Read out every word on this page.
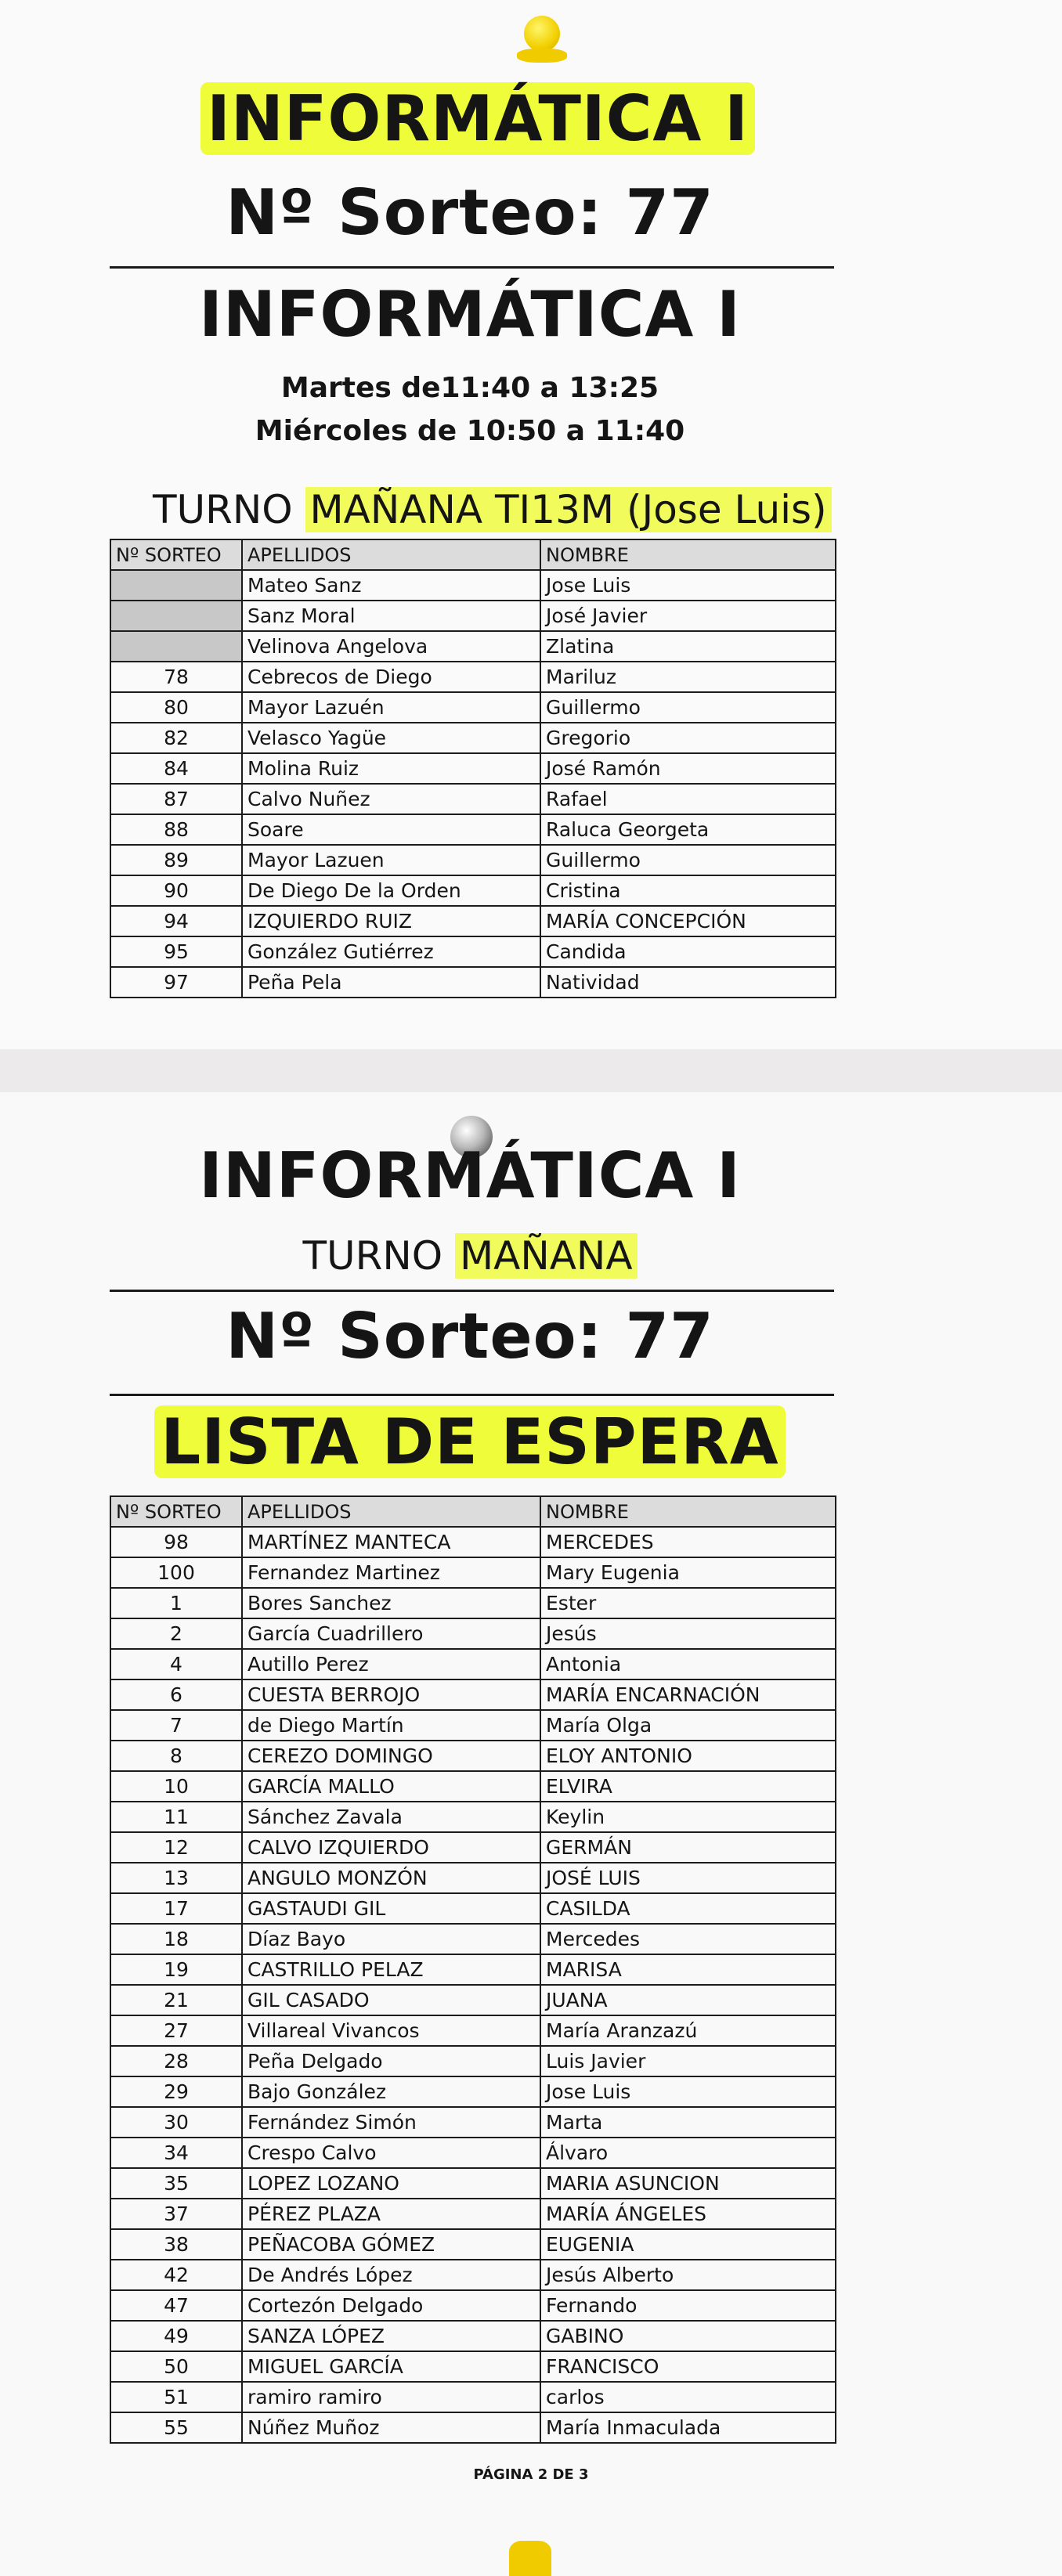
INFORMÁTICA I
Nº Sorteo: 77
INFORMÁTICA I
Martes de11:40 a 13:25
Miércoles de 10:50 a 11:40
TURNO MAÑANA TI13M (Jose Luis)
Nº SORTEO	APELLIDOS	NOMBRE
	Mateo Sanz	Jose Luis
	Sanz Moral	José Javier
	Velinova Angelova	Zlatina
78	Cebrecos de Diego	Mariluz
80	Mayor Lazuén	Guillermo
82	Velasco Yagüe	Gregorio
84	Molina Ruiz	José Ramón
87	Calvo Nuñez	Rafael
88	Soare	Raluca Georgeta
89	Mayor Lazuen	Guillermo
90	De Diego De la Orden	Cristina
94	IZQUIERDO RUIZ	MARÍA CONCEPCIÓN
95	González Gutiérrez	Candida
97	Peña Pela	Natividad
INFORMÁTICA I
TURNO MAÑANA
Nº Sorteo: 77
LISTA DE ESPERA
Nº SORTEO	APELLIDOS	NOMBRE
98	MARTÍNEZ MANTECA	MERCEDES
100	Fernandez Martinez	Mary Eugenia
1	Bores Sanchez	Ester
2	García Cuadrillero	Jesús
4	Autillo Perez	Antonia
6	CUESTA BERROJO	MARÍA ENCARNACIÓN
7	de Diego Martín	María Olga
8	CEREZO DOMINGO	ELOY ANTONIO
10	GARCÍA MALLO	ELVIRA
11	Sánchez Zavala	Keylin
12	CALVO IZQUIERDO	GERMÁN
13	ANGULO MONZÓN	JOSÉ LUIS
17	GASTAUDI GIL	CASILDA
18	Díaz Bayo	Mercedes
19	CASTRILLO PELAZ	MARISA
21	GIL CASADO	JUANA
27	Villareal Vivancos	María Aranzazú
28	Peña Delgado	Luis Javier
29	Bajo González	Jose Luis
30	Fernández Simón	Marta
34	Crespo Calvo	Álvaro
35	LOPEZ LOZANO	MARIA ASUNCION
37	PÉREZ PLAZA	MARÍA ÁNGELES
38	PEÑACOBA GÓMEZ	EUGENIA
42	De Andrés López	Jesús Alberto
47	Cortezón Delgado	Fernando
49	SANZA LÓPEZ	GABINO
50	MIGUEL GARCÍA	FRANCISCO
51	ramiro ramiro	carlos
55	Núñez Muñoz	María Inmaculada
PÁGINA 2 DE 3
